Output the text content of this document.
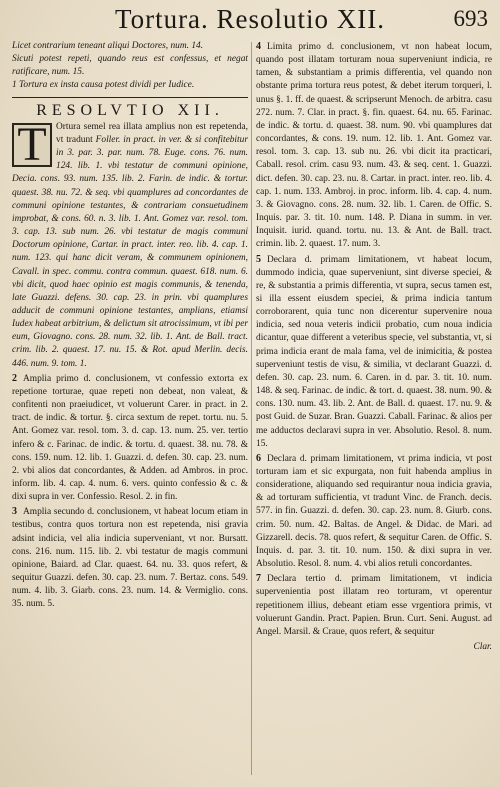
Tortura. Resolutio XII.	693
Licet contrarium teneant aliqui Doctores, num. 14.
Sicuti potest repeti, quando reus est confessus, et negat ratificare, num. 15.
1 Tortura ex insta causa potest dividi per Iudice.
RESOLVTIO XII.
T Ortura semel rea illata amplius non est repetenda, vt tradunt Foller. in pract. in ver. & si confitebitur in 3. par. 3. par. num. 78. Euge. cons. 76. num. 124. lib. 1. vbi testatur de communi opinione, Decia. cons. 93. num. 135. lib. 2. Farin. de indic. & tortur. quaest. 38. nu. 72. & seq. vbi quamplures ad concordantes de communi opinione testantes, & contrariam consuetudinem improbat, & cons. 60. n. 3. lib. 1. Ant. Gomez var. resol. tom. 3. cap. 13. sub num. 26. vbi testatur de magis communi Doctorum opinione, Cartar. in pract. inter. reo. lib. 4. cap. 1. num. 123. qui hanc dicit veram, & communem opinionem, Cavall. in spec. commu. contra commun. quaest. 618. num. 6. vbi dicit, quod haec opinio est magis communis, & tenenda, late Guazzi. defens. 30. cap. 23. in prin. vbi quamplures adducit de communi opinione testantes, amplians, etiamsi Iudex habeat arbitrium, & delictum sit atrocissimum, vt ibi per eum, Giovagno. cons. 28. num. 32. lib. 1. Ant. de Ball. tract. crim. lib. 2. quaest. 17. nu. 15. & Rot. apud Merlin. decis. 446. num. 9. tom. 1.
2 Amplia primo d. conclusionem, vt confessio extorta ex repetione torturae, quae repeti non debeat, non valeat, & confitenti non praeiudicet, vt voluerunt Carer. in pract. in 2. tract. de indic. & tortur. §. circa sextum de repet. tortu. nu. 5. Ant. Gomez var. resol. tom. 3. d. cap. 13. num. 25. ver. tertio infero & c. Farinac. de indic. & tortu. d. quaest. 38. nu. 78. & cons. 159. num. 12. lib. 1. Guazzi. d. defen. 30. cap. 23. num. 2. vbi alios dat concordantes, & Adden. ad Ambros. in proc. inform. lib. 4. cap. 4. num. 6. vers. quinto confessio & c. & dixi supra in ver. Confessio. Resol. 2. in fin.
3 Amplia secundo d. conclusionem, vt habeat locum etiam in testibus, contra quos tortura non est repetenda, nisi gravia adsint indicia, vel alia indicia superveniant, vt nor. Bursatt. cons. 216. num. 115. lib. 2. vbi testatur de magis communi opinione, Baiard. ad Clar. quaest. 64. nu. 33. quos refert, & sequitur Guazzi. defen. 30. cap. 23. num. 7. Bertaz. cons. 549. num. 4. lib. 3. Giarb. cons. 23. num. 14. & Vermiglio. cons. 35. num. 5.
4 Limita primo d. conclusionem, vt non habeat locum, quando post illatam torturam noua superveniunt indicia, re tamen, & substantiam a primis differentia, vel quando non obstante prima tortura reus potest, & debet iterum torqueri, l. unus §. 1. ff. de quaest. & scripserunt Menoch. de arbitra. casu 272. num. 7. Clar. in pract. §. fin. quaest. 64. nu. 65. Farinac. de indic. & tortu. d. quaest. 38. num. 90. vbi quamplures dat concordantes, & cons. 19. num. 12. lib. 1. Ant. Gomez var. resol. tom. 3. cap. 13. sub nu. 26. vbi dicit ita practicari, Caball. resol. crim. casu 93. num. 43. & seq. cent. 1. Guazzi. dict. defen. 30. cap. 23. nu. 8. Cartar. in pract. inter. reo. lib. 4. cap. 1. num. 133. Ambroj. in proc. inform. lib. 4. cap. 4. num. 3. & Giovagno. cons. 28. num. 32. lib. 1. Caren. de Offic. S. Inquis. par. 3. tit. 10. num. 148. P. Diana in summ. in ver. Inquisit. iurid. quand. tortu. nu. 13. & Ant. de Ball. tract. crimin. lib. 2. quaest. 17. num. 3.
5 Declara d. primam limitationem, vt habeat locum, dummodo indicia, quae superveniunt, sint diverse speciei, & re, & substantia a primis differentia, vt supra, secus tamen est, si illa essent eiusdem speciei, & prima indicia tantum corroborarent, quia tunc non dicerentur supervenire noua indicia, sed noua veteris indicii probatio, cum noua indicia dicantur, quae different a veteribus specie, vel substantia, vt, si prima indicia erant de mala fama, vel de inimicitia, & postea superveniunt testis de visu, & similia, vt declarant Guazzi. d. defen. 30. cap. 23. num. 6. Caren. in d. par. 3. tit. 10. num. 148. & seq. Farinac. de indic. & tort. d. quaest. 38. num. 90. & cons. 130. num. 43. lib. 2. Ant. de Ball. d. quaest. 17. nu. 9. & post Guid. de Suzar. Bran. Guazzi. Caball. Farinac. & alios per me adductos declaravi supra in ver. Absolutio. Resol. 8. num. 15.
6 Declara d. primam limitationem, vt prima indicia, vt post torturam iam et sic expurgata, non fuit habenda amplius in consideratione, aliquando sed requirantur noua indicia gravia, & ad torturam sufficientia, vt tradunt Vinc. de Franch. decis. 577. in fin. Guazzi. d. defen. 30. cap. 23. num. 8. Giurb. cons. crim. 50. num. 42. Baltas. de Angel. & Didac. de Mari. ad Gizzarell. decis. 78. quos refert, & sequitur Caren. de Offic. S. Inquis. d. par. 3. tit. 10. num. 150. & dixi supra in ver. Absolutio. Resol. 8. num. 4. vbi alios retuli concordantes.
7 Declara tertio d. primam limitationem, vt indicia supervenientia post illatam reo torturam, vt operentur repetitionem illius, debeant etiam esse vrgentiora primis, vt voluerunt Gandin. Pract. Papien. Brun. Curt. Seni. August. ad Angel. Marsil. & Craue, quos refert, & sequitur
Clar.
